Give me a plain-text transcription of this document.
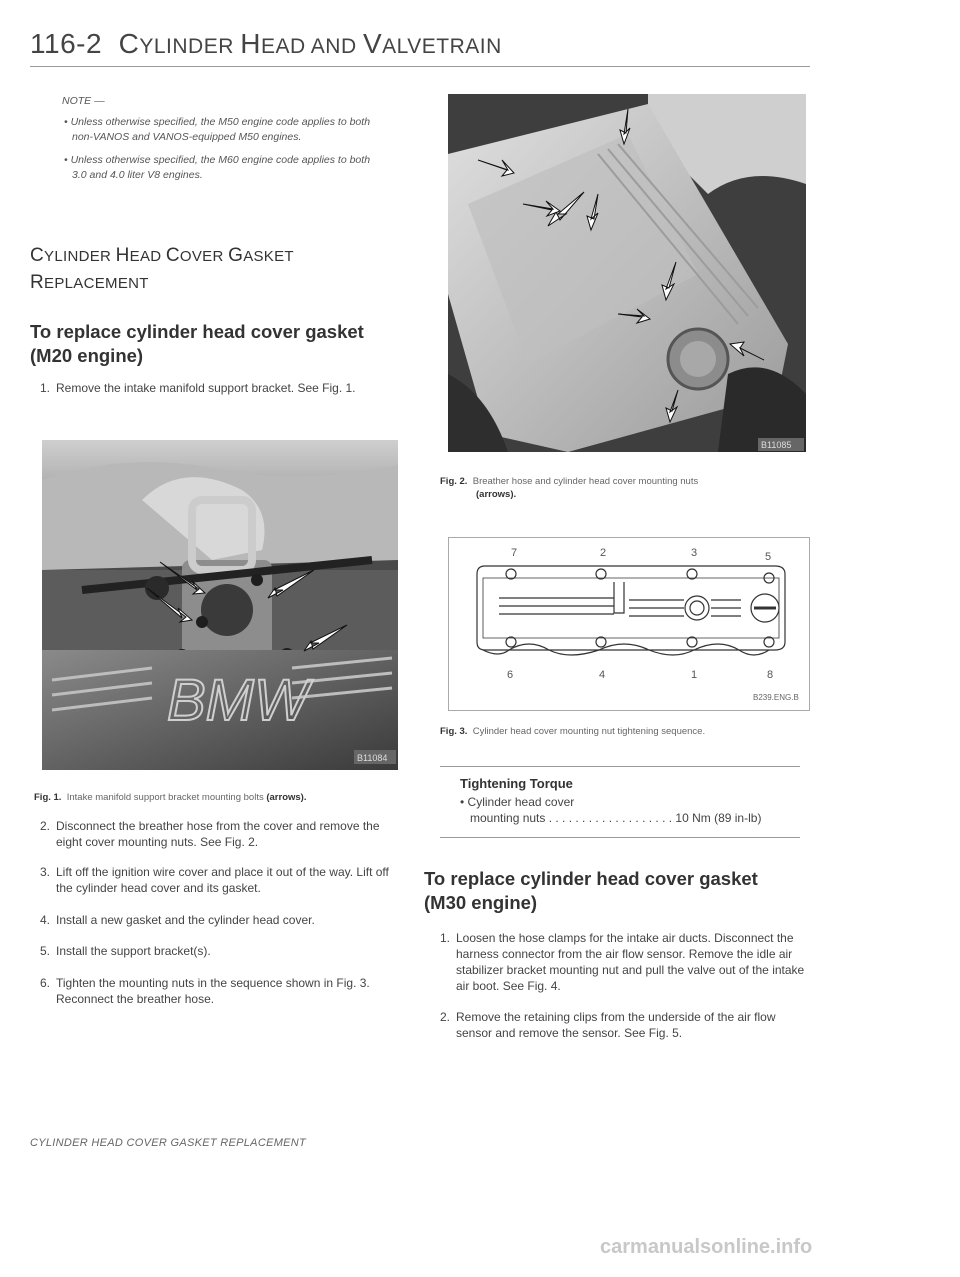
116-2 CYLINDER HEAD AND VALVETRAIN

NOTE —

• Unless otherwise specified, the M50 engine code applies to both non-VANOS and VANOS-equipped M50 engines.

• Unless otherwise specified, the M60 engine code applies to both 3.0 and 4.0 liter V8 engines.

CYLINDER HEAD COVER GASKET
REPLACEMENT
To replace cylinder head cover gasket
(M20 engine)
1. Remove the intake manifold support bracket. See Fig. 1.
BMW
B11084
Fig. 1. Intake manifold support bracket mounting bolts (arrows).
2. Disconnect the breather hose from the cover and remove the eight cover mounting nuts. See Fig. 2.
3. Lift off the ignition wire cover and place it out of the way. Lift off the cylinder head cover and its gasket.
4. Install a new gasket and the cylinder head cover.
5. Install the support bracket(s).
6. Tighten the mounting nuts in the sequence shown in Fig. 3. Reconnect the breather hose.
B11085
Fig. 2. Breather hose and cylinder head cover mounting nuts
(arrows).
7	2	3	5
6	4	1	8
B239.ENG.B
Fig. 3. Cylinder head cover mounting nut tightening sequence.
Tightening Torque
• Cylinder head cover
mounting nuts . . . . . . . . . . . . . . . . . . . 10 Nm (89 in-lb)
To replace cylinder head cover gasket
(M30 engine)
1. Loosen the hose clamps for the intake air ducts. Disconnect the harness connector from the air flow sensor. Remove the idle air stabilizer bracket mounting nut and pull the valve out of the intake air boot. See Fig. 4.
2. Remove the retaining clips from the underside of the air flow sensor and remove the sensor. See Fig. 5.
CYLINDER HEAD COVER GASKET REPLACEMENT
carmanualsonline.info
